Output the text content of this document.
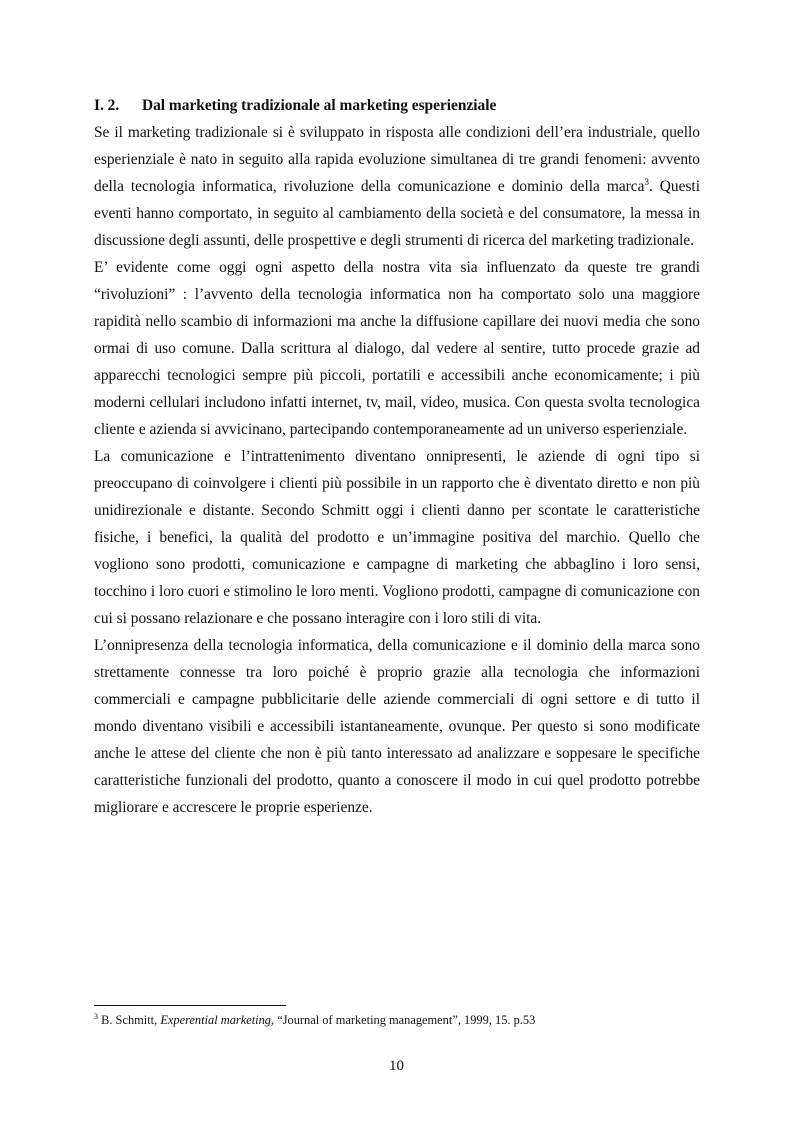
I. 2. Dal marketing tradizionale al marketing esperienziale

Se il marketing tradizionale si è sviluppato in risposta alle condizioni dell’era industriale, quello esperienziale è nato in seguito alla rapida evoluzione simultanea di tre grandi fenomeni: avvento della tecnologia informatica, rivoluzione della comunicazione e dominio della marca$^3$. Questi eventi hanno comportato, in seguito al cambiamento della società e del consumatore, la messa in discussione degli assunti, delle prospettive e degli strumenti di ricerca del marketing tradizionale.

E’ evidente come oggi ogni aspetto della nostra vita sia influenzato da queste tre grandi “rivoluzioni” : l’avvento della tecnologia informatica non ha comportato solo una maggiore rapidità nello scambio di informazioni ma anche la diffusione capillare dei nuovi media che sono ormai di uso comune. Dalla scrittura al dialogo, dal vedere al sentire, tutto procede grazie ad apparecchi tecnologici sempre più piccoli, portatili e accessibili anche economicamente; i più moderni cellulari includono infatti internet, tv, mail, video, musica. Con questa svolta tecnologica cliente e azienda si avvicinano, partecipando contemporaneamente ad un universo esperienziale.

La comunicazione e l’intrattenimento diventano onnipresenti, le aziende di ogni tipo si preoccupano di coinvolgere i clienti più possibile in un rapporto che è diventato diretto e non più unidirezionale e distante. Secondo Schmitt oggi i clienti danno per scontate le caratteristiche fisiche, i benefici, la qualità del prodotto e un’immagine positiva del marchio. Quello che vogliono sono prodotti, comunicazione e campagne di marketing che abbaglino i loro sensi, tocchino i loro cuori e stimolino le loro menti. Vogliono prodotti, campagne di comunicazione con cui si possano relazionare e che possano interagire con i loro stili di vita.

L’onnipresenza della tecnologia informatica, della comunicazione e il dominio della marca sono strettamente connesse tra loro poiché è proprio grazie alla tecnologia che informazioni commerciali e campagne pubblicitarie delle aziende commerciali di ogni settore e di tutto il mondo diventano visibili e accessibili istantaneamente, ovunque. Per questo si sono modificate anche le attese del cliente che non è più tanto interessato ad analizzare e soppesare le specifiche caratteristiche funzionali del prodotto, quanto a conoscere il modo in cui quel prodotto potrebbe migliorare e accrescere le proprie esperienze.

$^3$ B. Schmitt, Experential marketing, “Journal of marketing management”, 1999, 15. p.53
10
